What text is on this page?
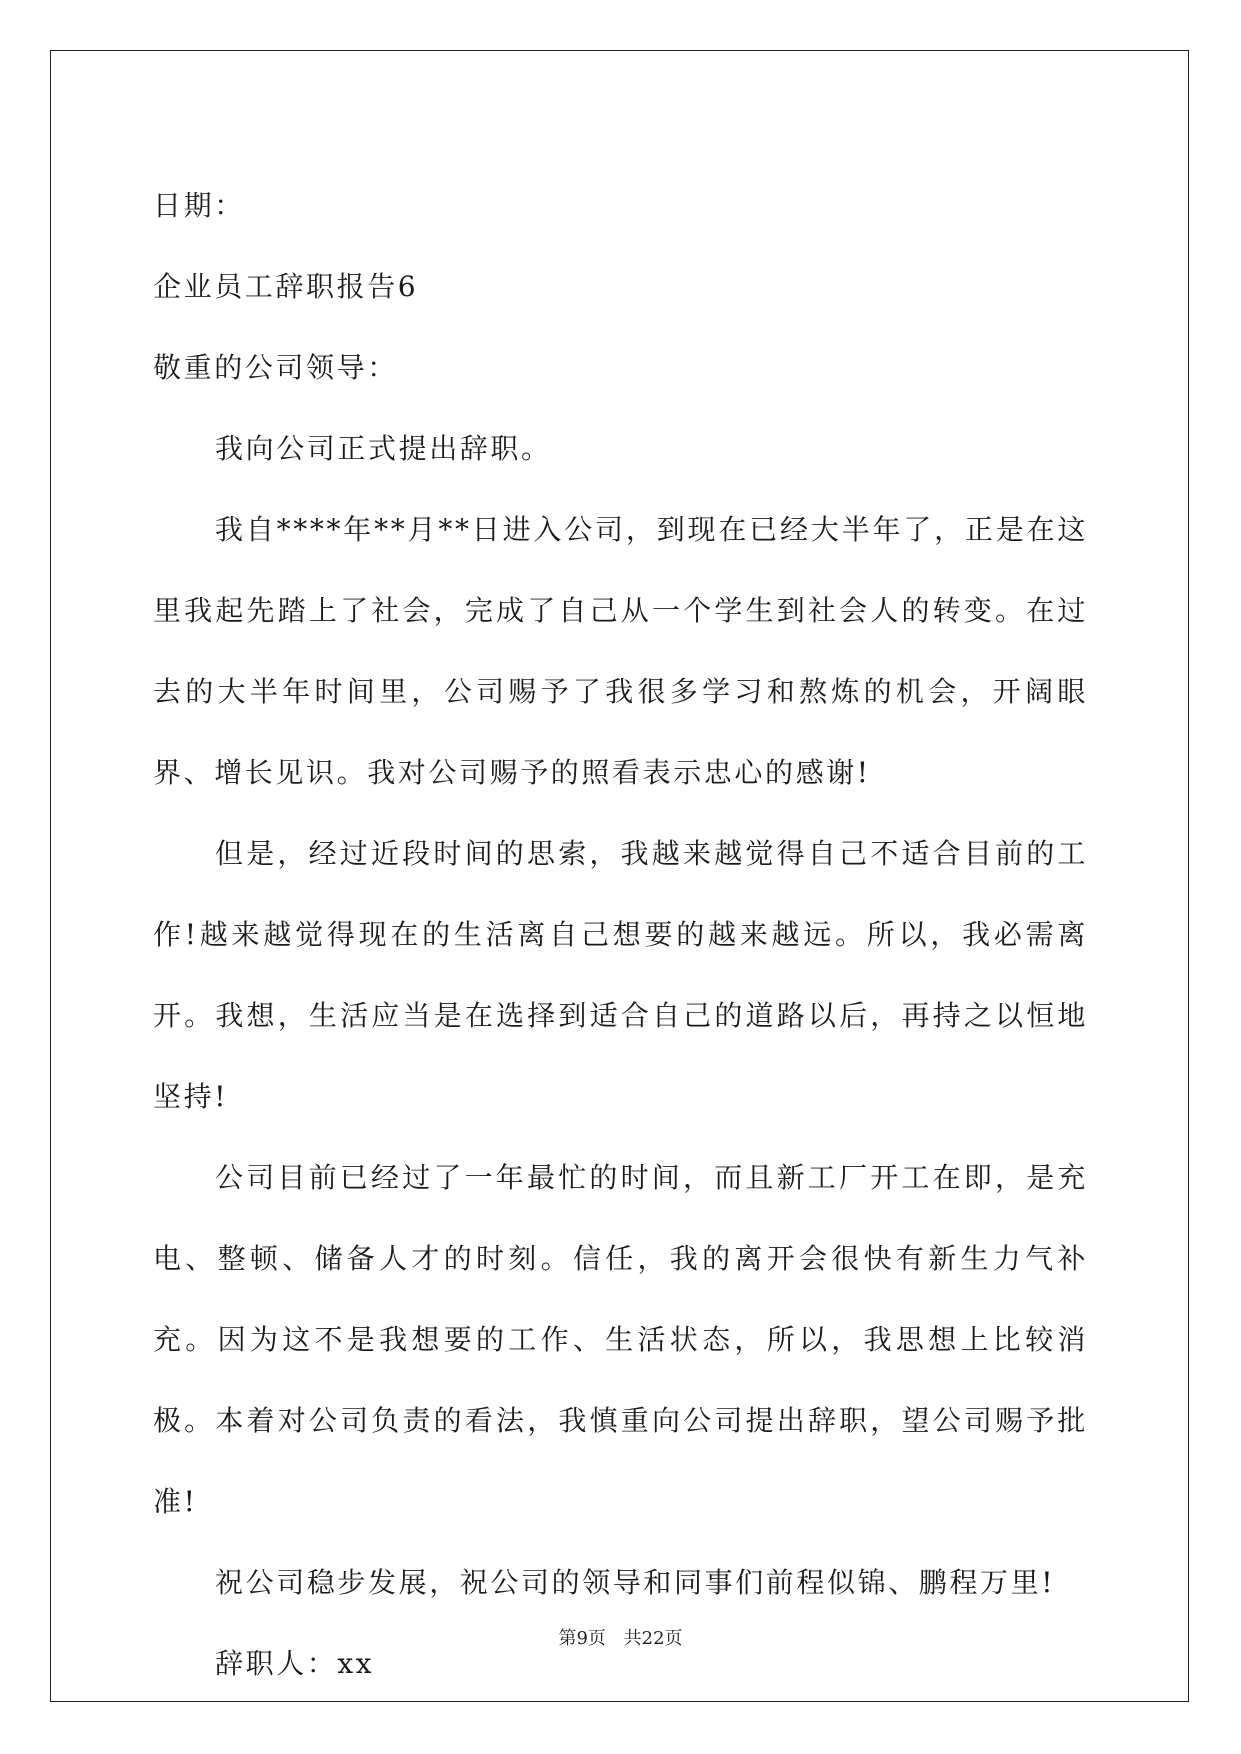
日期：

企业员工辞职报告6

敬重的公司领导：

我向公司正式提出辞职。

我自****年**月**日进入公司，到现在已经大半年了，正是在这里我起先踏上了社会，完成了自己从一个学生到社会人的转变。在过去的大半年时间里，公司赐予了我很多学习和熬炼的机会，开阔眼界、增长见识。我对公司赐予的照看表示忠心的感谢!

但是，经过近段时间的思索，我越来越觉得自己不适合目前的工作!越来越觉得现在的生活离自己想要的越来越远。所以，我必需离开。我想，生活应当是在选择到适合自己的道路以后，再持之以恒地坚持!

公司目前已经过了一年最忙的时间，而且新工厂开工在即，是充电、整顿、储备人才的时刻。信任，我的离开会很快有新生力气补充。因为这不是我想要的工作、生活状态，所以，我思想上比较消极。本着对公司负责的看法，我慎重向公司提出辞职，望公司赐予批准!

祝公司稳步发展，祝公司的领导和同事们前程似锦、鹏程万里!

辞职人：xx

第9页 共22页
